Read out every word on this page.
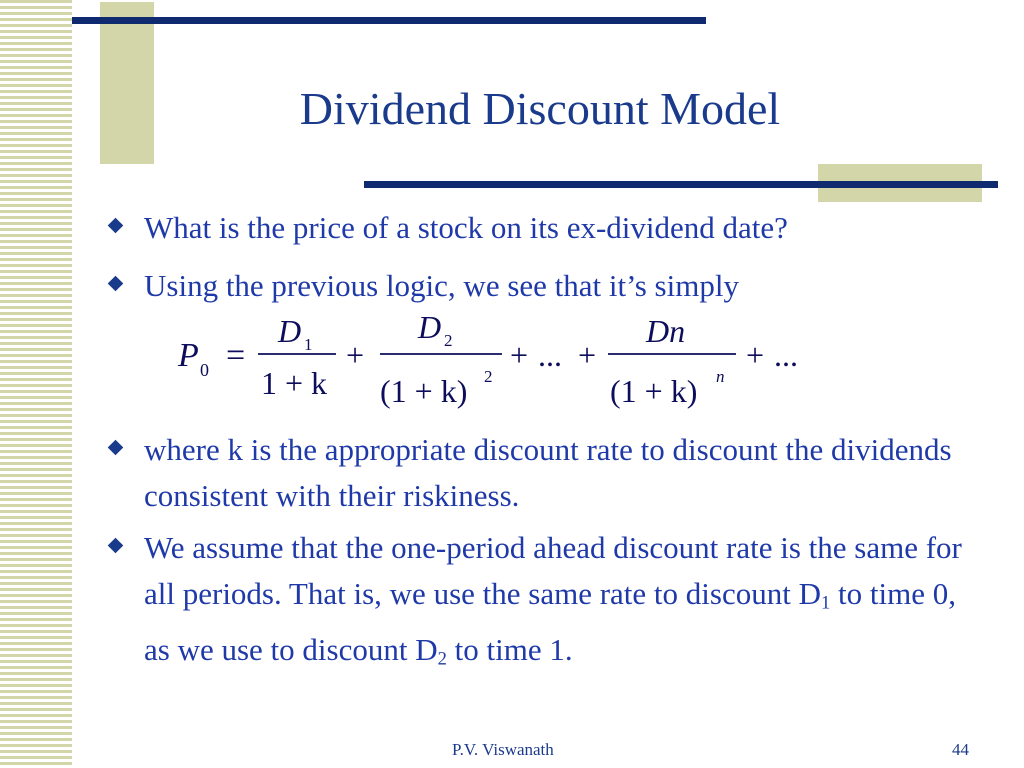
Dividend Discount Model
What is the price of a stock on its ex-dividend date?
Using the previous logic, we see that it’s simply
where k is the appropriate discount rate to discount the dividends consistent with their riskiness.
We assume that the one-period ahead discount rate is the same for all periods. That is, we use the same rate to discount $D_1$ to time 0, as we use to discount $D_2$ to time 1.
P 0 =
D 1
1 + k
+
D 2
(1 + k) 2
+ ... +
Dn
(1 + k) n
+ ...
P.V. Viswanath	44
